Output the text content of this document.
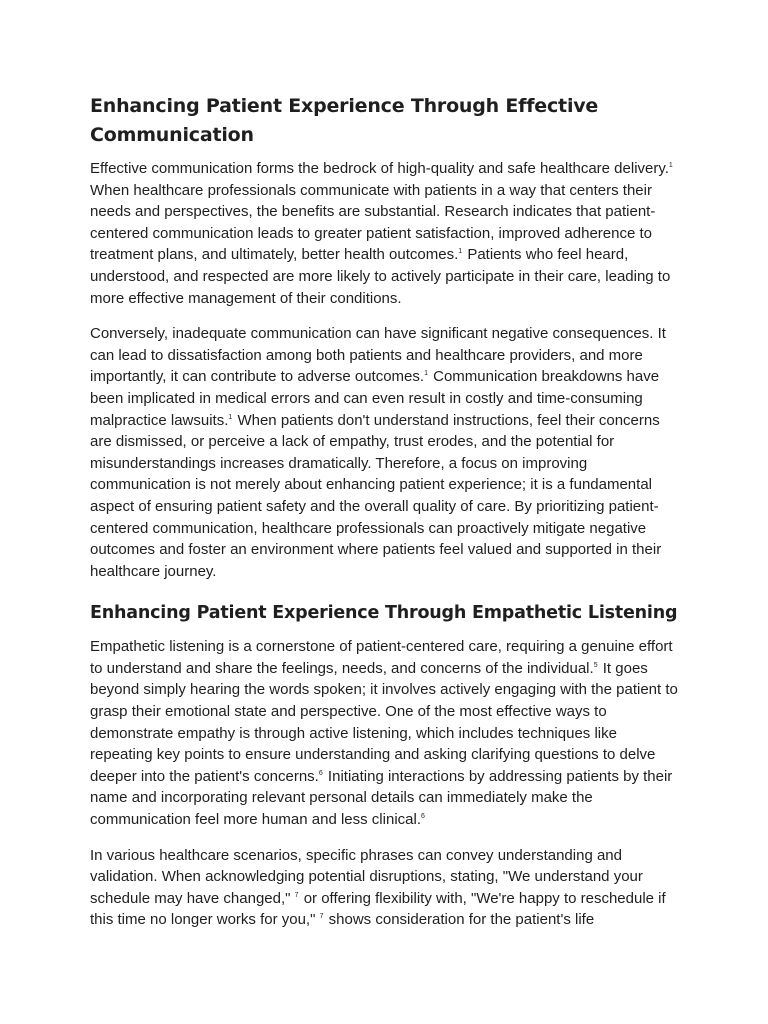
Enhancing Patient Experience Through Effective Communication

Effective communication forms the bedrock of high-quality and safe healthcare delivery.$^1$ When healthcare professionals communicate with patients in a way that centers their needs and perspectives, the benefits are substantial. Research indicates that patient-centered communication leads to greater patient satisfaction, improved adherence to treatment plans, and ultimately, better health outcomes.$^1$ Patients who feel heard, understood, and respected are more likely to actively participate in their care, leading to more effective management of their conditions.

Conversely, inadequate communication can have significant negative consequences. It can lead to dissatisfaction among both patients and healthcare providers, and more importantly, it can contribute to adverse outcomes.$^1$ Communication breakdowns have been implicated in medical errors and can even result in costly and time-consuming malpractice lawsuits.$^1$ When patients don't understand instructions, feel their concerns are dismissed, or perceive a lack of empathy, trust erodes, and the potential for misunderstandings increases dramatically. Therefore, a focus on improving communication is not merely about enhancing patient experience; it is a fundamental aspect of ensuring patient safety and the overall quality of care. By prioritizing patient-centered communication, healthcare professionals can proactively mitigate negative outcomes and foster an environment where patients feel valued and supported in their healthcare journey.

Enhancing Patient Experience Through Empathetic Listening

Empathetic listening is a cornerstone of patient-centered care, requiring a genuine effort to understand and share the feelings, needs, and concerns of the individual.$^5$ It goes beyond simply hearing the words spoken; it involves actively engaging with the patient to grasp their emotional state and perspective. One of the most effective ways to demonstrate empathy is through active listening, which includes techniques like repeating key points to ensure understanding and asking clarifying questions to delve deeper into the patient's concerns.$^6$ Initiating interactions by addressing patients by their name and incorporating relevant personal details can immediately make the communication feel more human and less clinical.$^6$

In various healthcare scenarios, specific phrases can convey understanding and validation. When acknowledging potential disruptions, stating, "We understand your schedule may have changed," $^7$ or offering flexibility with, "We're happy to reschedule if this time no longer works for you," $^7$ shows consideration for the patient's life
